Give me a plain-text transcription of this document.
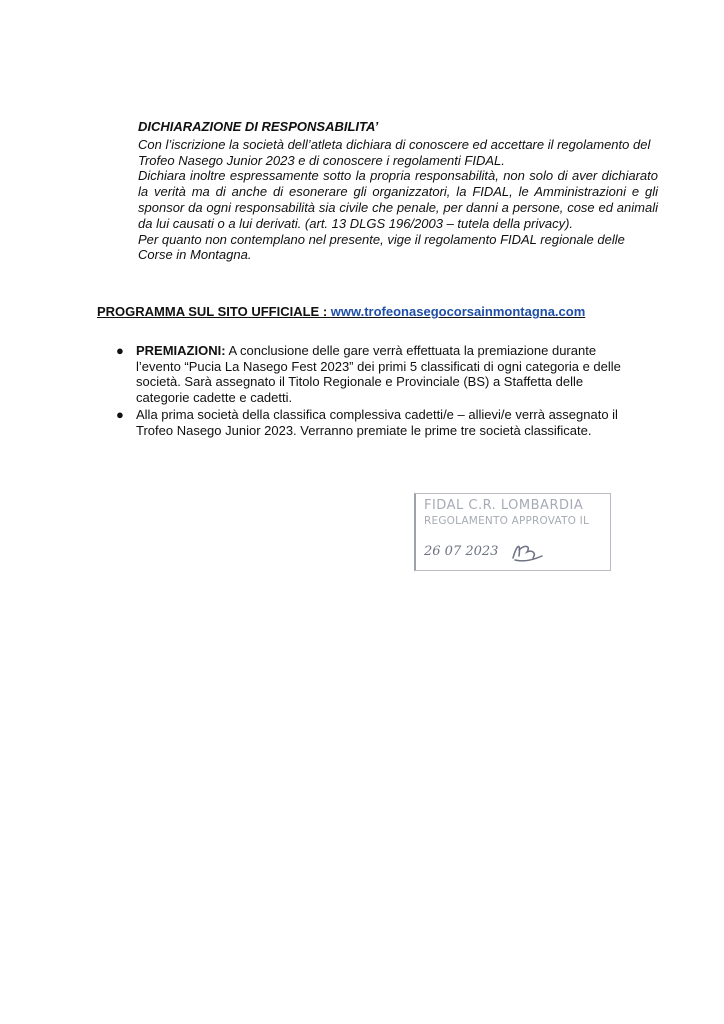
DICHIARAZIONE DI RESPONSABILITA’

Con l’iscrizione la società dell’atleta dichiara di conoscere ed accettare il regolamento del Trofeo Nasego Junior 2023 e di conoscere i regolamenti FIDAL.

Dichiara inoltre espressamente sotto la propria responsabilità, non solo di aver dichiarato la verità ma di anche di esonerare gli organizzatori, la FIDAL, le Amministrazioni e gli sponsor da ogni responsabilità sia civile che penale, per danni a persone, cose ed animali da lui causati o a lui derivati. (art. 13 DLGS 196/2003 – tutela della privacy).

Per quanto non contemplano nel presente, vige il regolamento FIDAL regionale delle Corse in Montagna.

PROGRAMMA SUL SITO UFFICIALE : www.trofeonasegocorsainmontagna.com
● PREMIAZIONI: A conclusione delle gare verrà effettuata la premiazione durante l’evento “Pucia La Nasego Fest 2023” dei primi 5 classificati di ogni categoria e delle società. Sarà assegnato il Titolo Regionale e Provinciale (BS) a Staffetta delle categorie cadette e cadetti.
● Alla prima società della classifica complessiva cadetti/e – allievi/e verrà assegnato il Trofeo Nasego Junior 2023. Verranno premiate le prime tre società classificate.
FIDAL C.R. LOMBARDIA
REGOLAMENTO APPROVATO IL
26 07 2023
